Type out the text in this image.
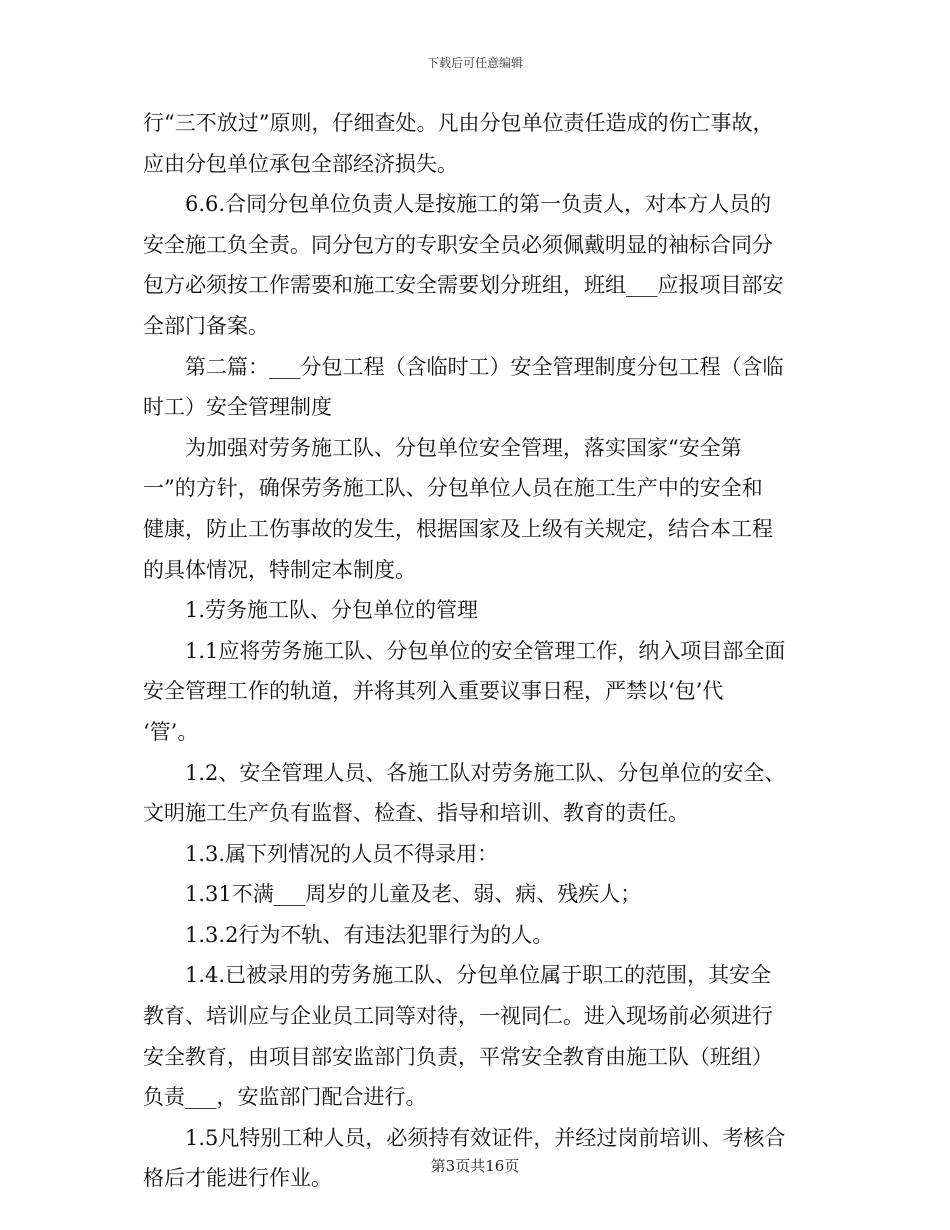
下载后可任意编辑

行“三不放过”原则，仔细查处。凡由分包单位责任造成的伤亡事故，
应由分包单位承包全部经济损失。

6.6.合同分包单位负责人是按施工的第一负责人，对本方人员的
安全施工负全责。同分包方的专职安全员必须佩戴明显的袖标合同分
包方必须按工作需要和施工安全需要划分班组，班组___应报项目部安
全部门备案。

第二篇：___分包工程（含临时工）安全管理制度分包工程（含临
时工）安全管理制度

为加强对劳务施工队、分包单位安全管理，落实国家“安全第
一”的方针，确保劳务施工队、分包单位人员在施工生产中的安全和
健康，防止工伤事故的发生，根据国家及上级有关规定，结合本工程
的具体情况，特制定本制度。

1.劳务施工队、分包单位的管理

1.1应将劳务施工队、分包单位的安全管理工作，纳入项目部全面
安全管理工作的轨道，并将其列入重要议事日程，严禁以‘包’代
‘管’。

1.2、安全管理人员、各施工队对劳务施工队、分包单位的安全、
文明施工生产负有监督、检查、指导和培训、教育的责任。

1.3.属下列情况的人员不得录用：

1.31不满___周岁的儿童及老、弱、病、残疾人；

1.3.2行为不轨、有违法犯罪行为的人。

1.4.已被录用的劳务施工队、分包单位属于职工的范围，其安全
教育、培训应与企业员工同等对待，一视同仁。进入现场前必须进行
安全教育，由项目部安监部门负责，平常安全教育由施工队（班组）
负责___，安监部门配合进行。

1.5凡特别工种人员，必须持有效证件，并经过岗前培训、考核合
格后才能进行作业。

第3页共16页
